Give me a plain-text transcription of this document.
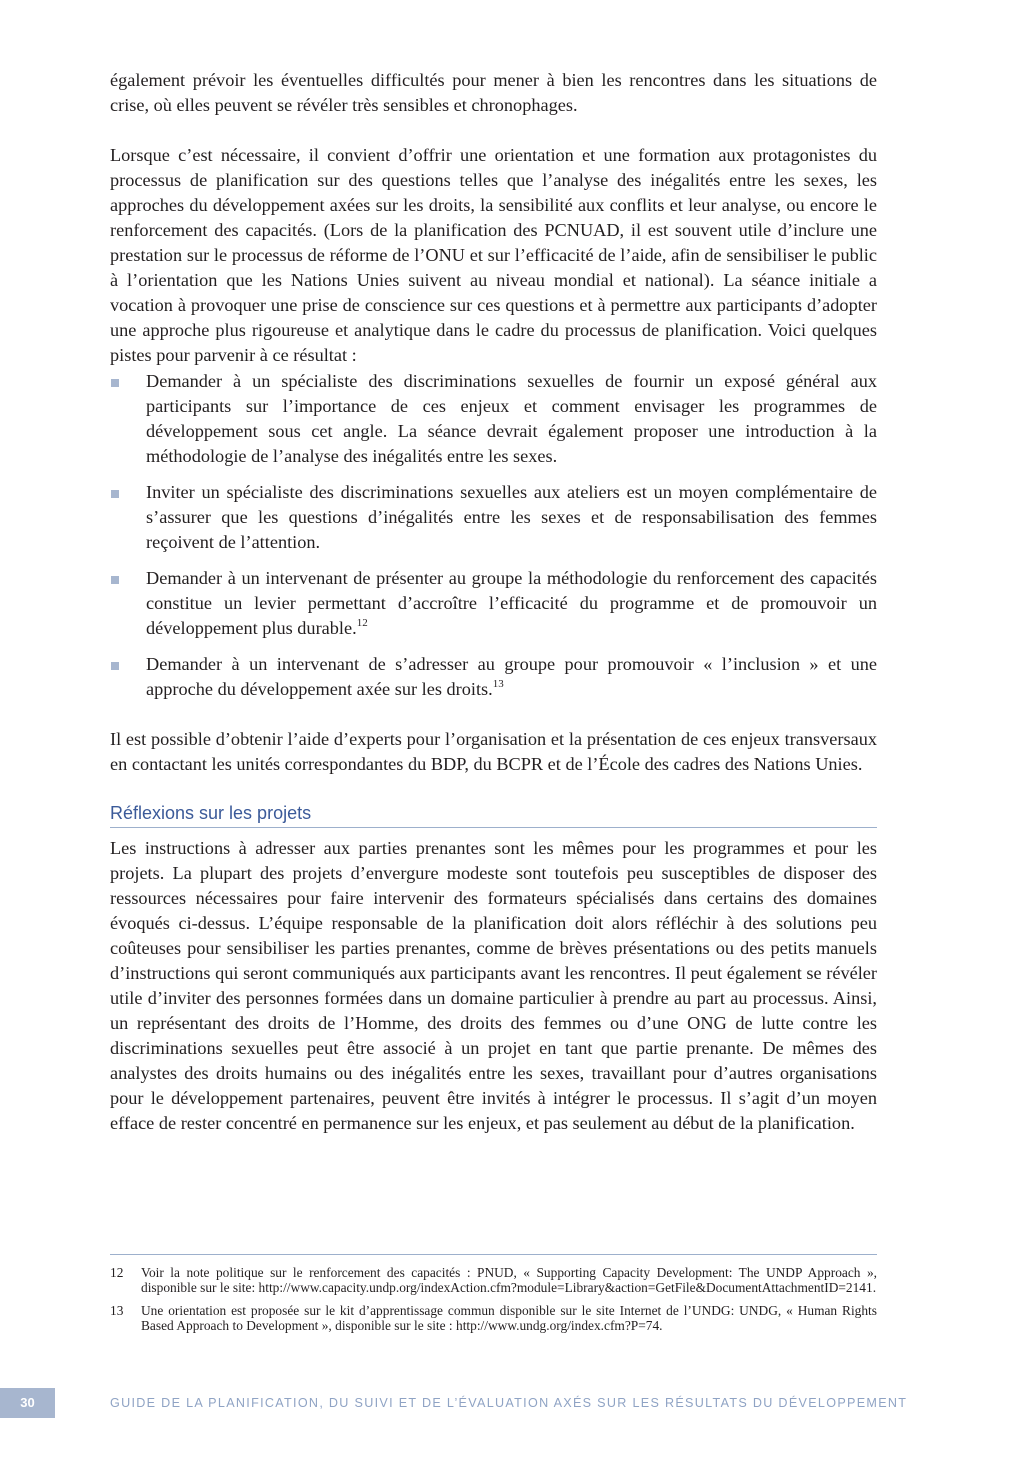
également prévoir les éventuelles difficultés pour mener à bien les rencontres dans les situations de crise, où elles peuvent se révéler très sensibles et chronophages.

Lorsque c’est nécessaire, il convient d’offrir une orientation et une formation aux protagonistes du processus de planification sur des questions telles que l’analyse des inégalités entre les sexes, les approches du développement axées sur les droits, la sensibilité aux conflits et leur analyse, ou encore le renforcement des capacités. (Lors de la planification des PCNUAD, il est souvent utile d’inclure une prestation sur le processus de réforme de l’ONU et sur l’efficacité de l’aide, afin de sensibiliser le public à l’orientation que les Nations Unies suivent au niveau mondial et national). La séance initiale a vocation à provoquer une prise de conscience sur ces questions et à permettre aux participants d’adopter une approche plus rigoureuse et analytique dans le cadre du processus de planification. Voici quelques pistes pour parvenir à ce résultat :

Demander à un spécialiste des discriminations sexuelles de fournir un exposé général aux participants sur l’importance de ces enjeux et comment envisager les programmes de développement sous cet angle. La séance devrait également proposer une introduction à la méthodologie de l’analyse des inégalités entre les sexes.

Inviter un spécialiste des discriminations sexuelles aux ateliers est un moyen complémentaire de s’assurer que les questions d’inégalités entre les sexes et de responsabilisation des femmes reçoivent de l’attention.

Demander à un intervenant de présenter au groupe la méthodologie du renforcement des capacités constitue un levier permettant d’accroître l’efficacité du programme et de promouvoir un développement plus durable.$^{12}$

Demander à un intervenant de s’adresser au groupe pour promouvoir « l’inclusion » et une approche du développement axée sur les droits.$^{13}$

Il est possible d’obtenir l’aide d’experts pour l’organisation et la présentation de ces enjeux transversaux en contactant les unités correspondantes du BDP, du BCPR et de l’École des cadres des Nations Unies.

Réflexions sur les projets

Les instructions à adresser aux parties prenantes sont les mêmes pour les programmes et pour les projets. La plupart des projets d’envergure modeste sont toutefois peu susceptibles de disposer des ressources nécessaires pour faire intervenir des formateurs spécialisés dans certains des domaines évoqués ci-dessus. L’équipe responsable de la planification doit alors réfléchir à des solutions peu coûteuses pour sensibiliser les parties prenantes, comme de brèves présentations ou des petits manuels d’instructions qui seront communiqués aux participants avant les rencontres. Il peut également se révéler utile d’inviter des personnes formées dans un domaine particulier à prendre au part au processus. Ainsi, un représentant des droits de l’Homme, des droits des femmes ou d’une ONG de lutte contre les discriminations sexuelles peut être associé à un projet en tant que partie prenante. De mêmes des analystes des droits humains ou des inégalités entre les sexes, travaillant pour d’autres organisations pour le développement partenaires, peuvent être invités à intégrer le processus. Il s’agit d’un moyen efface de rester concentré en permanence sur les enjeux, et pas seulement au début de la planification.

12	Voir la note politique sur le renforcement des capacités : PNUD, « Supporting Capacity Development: The UNDP Approach », disponible sur le site: http://www.capacity.undp.org/indexAction.cfm?module=Library&action=GetFile&DocumentAttachmentID=2141.
13	Une orientation est proposée sur le kit d’apprentissage commun disponible sur le site Internet de l’UNDG: UNDG, « Human Rights Based Approach to Development », disponible sur le site : http://www.undg.org/index.cfm?P=74.
30	GUIDE DE LA PLANIFICATION, DU SUIVI ET DE L’ÉVALUATION AXÉS SUR LES RÉSULTATS DU DÉVELOPPEMENT
